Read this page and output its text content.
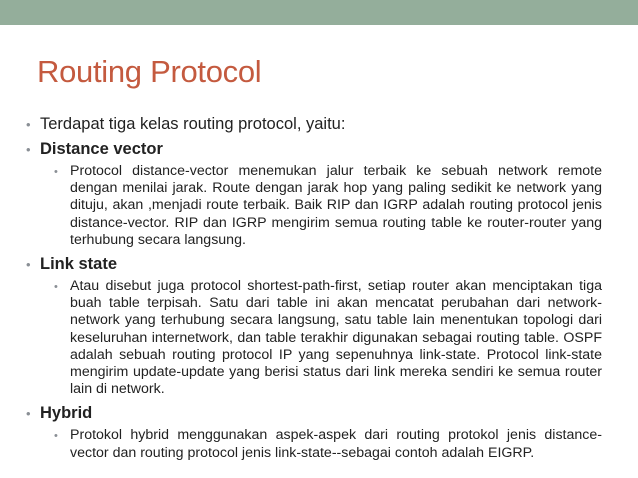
Routing Protocol
• Terdapat tiga kelas routing protocol, yaitu:
• Distance vector
• Protocol distance-vector menemukan jalur terbaik ke sebuah network remote dengan menilai jarak. Route dengan jarak hop yang paling sedikit ke network yang dituju, akan ,menjadi route terbaik. Baik RIP dan IGRP adalah routing protocol jenis distance-vector. RIP dan IGRP mengirim semua routing table ke router-router yang terhubung secara langsung.
• Link state
• Atau disebut juga protocol shortest-path-first, setiap router akan menciptakan tiga buah table terpisah. Satu dari table ini akan mencatat perubahan dari network-network yang terhubung secara langsung, satu table lain menentukan topologi dari keseluruhan internetwork, dan table terakhir digunakan sebagai routing table. OSPF adalah sebuah routing protocol IP yang sepenuhnya link-state. Protocol link-state mengirim update-update yang berisi status dari link mereka sendiri ke semua router lain di network.
• Hybrid
• Protokol hybrid menggunakan aspek-aspek dari routing protokol jenis distance-vector dan routing protocol jenis link-state--sebagai contoh adalah EIGRP.
